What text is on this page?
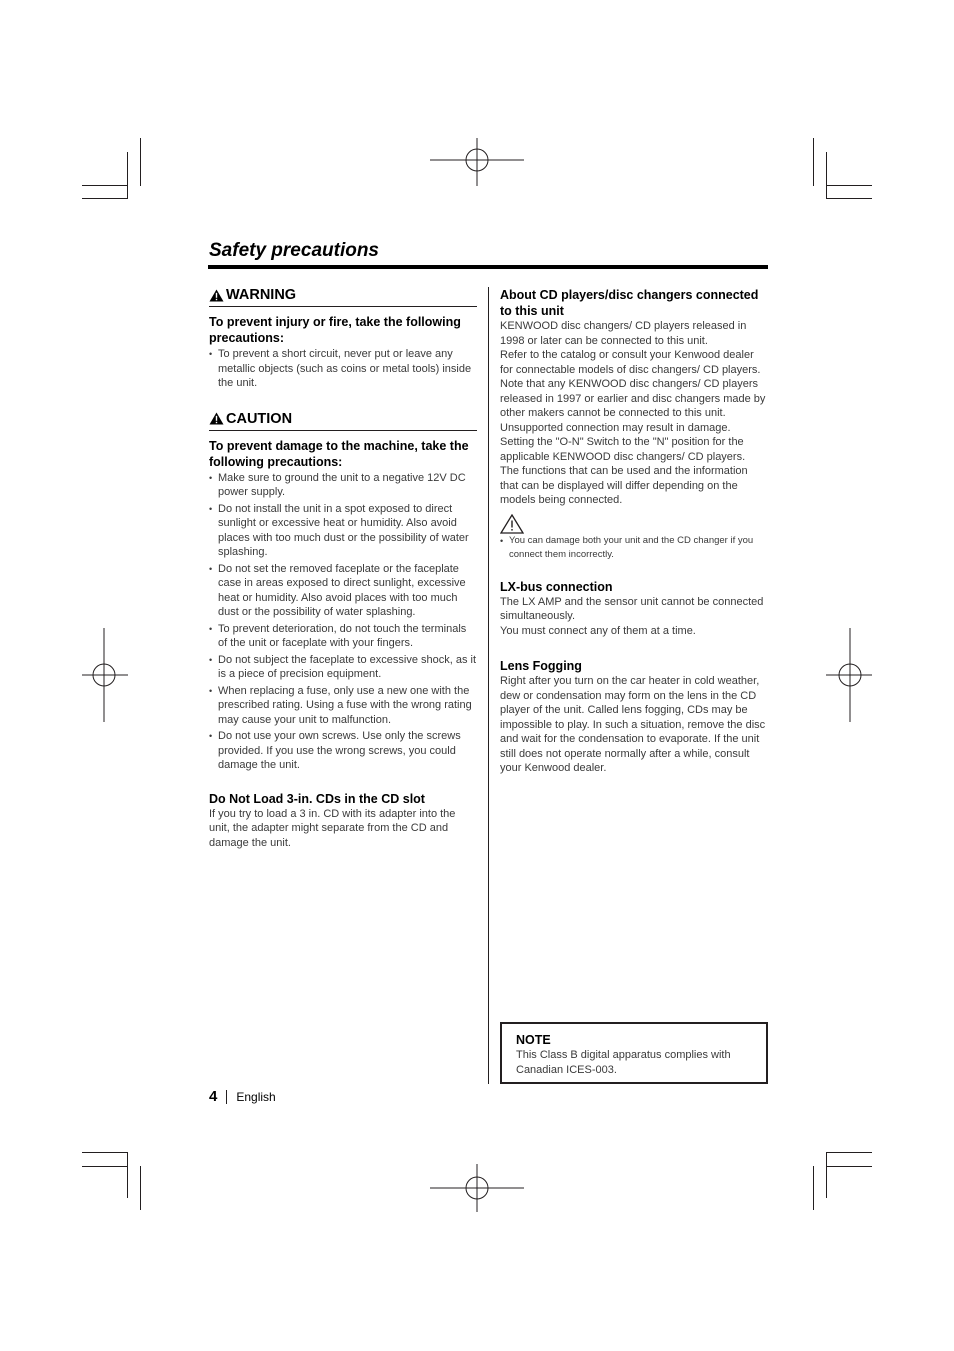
Safety precautions
WARNING
To prevent injury or fire, take the following precautions:
• To prevent a short circuit, never put or leave any metallic objects (such as coins or metal tools) inside the unit.
CAUTION
To prevent damage to the machine, take the following precautions:
• Make sure to ground the unit to a negative 12V DC power supply.
• Do not install the unit in a spot exposed to direct sunlight or excessive heat or humidity. Also avoid places with too much dust or the possibility of water splashing.
• Do not set the removed faceplate or the faceplate case in areas exposed to direct sunlight, excessive heat or humidity. Also avoid places with too much dust or the possibility of water splashing.
• To prevent deterioration, do not touch the terminals of the unit or faceplate with your fingers.
• Do not subject the faceplate to excessive shock, as it is a piece of precision equipment.
• When replacing a fuse, only use a new one with the prescribed rating. Using a fuse with the wrong rating may cause your unit to malfunction.
• Do not use your own screws. Use only the screws provided. If you use the wrong screws, you could damage the unit.
Do Not Load 3-in. CDs in the CD slot
If you try to load a 3 in. CD with its adapter into the unit, the adapter might separate from the CD and damage the unit.
About CD players/disc changers connected to this unit
KENWOOD disc changers/ CD players released in 1998 or later can be connected to this unit.
Refer to the catalog or consult your Kenwood dealer for connectable models of disc changers/ CD players.
Note that any KENWOOD disc changers/ CD players released in 1997 or earlier and disc changers made by other makers cannot be connected to this unit.
Unsupported connection may result in damage.
Setting the "O-N" Switch to the "N" position for the applicable KENWOOD disc changers/ CD players.
The functions that can be used and the information that can be displayed will differ depending on the models being connected.
• You can damage both your unit and the CD changer if you connect them incorrectly.
LX-bus connection
The LX AMP and the sensor unit cannot be connected simultaneously.
You must connect any of them at a time.
Lens Fogging
Right after you turn on the car heater in cold weather, dew or condensation may form on the lens in the CD player of the unit. Called lens fogging, CDs may be impossible to play. In such a situation, remove the disc and wait for the condensation to evaporate. If the unit still does not operate normally after a while, consult your Kenwood dealer.
NOTE
This Class B digital apparatus complies with Canadian ICES-003.
4 English
